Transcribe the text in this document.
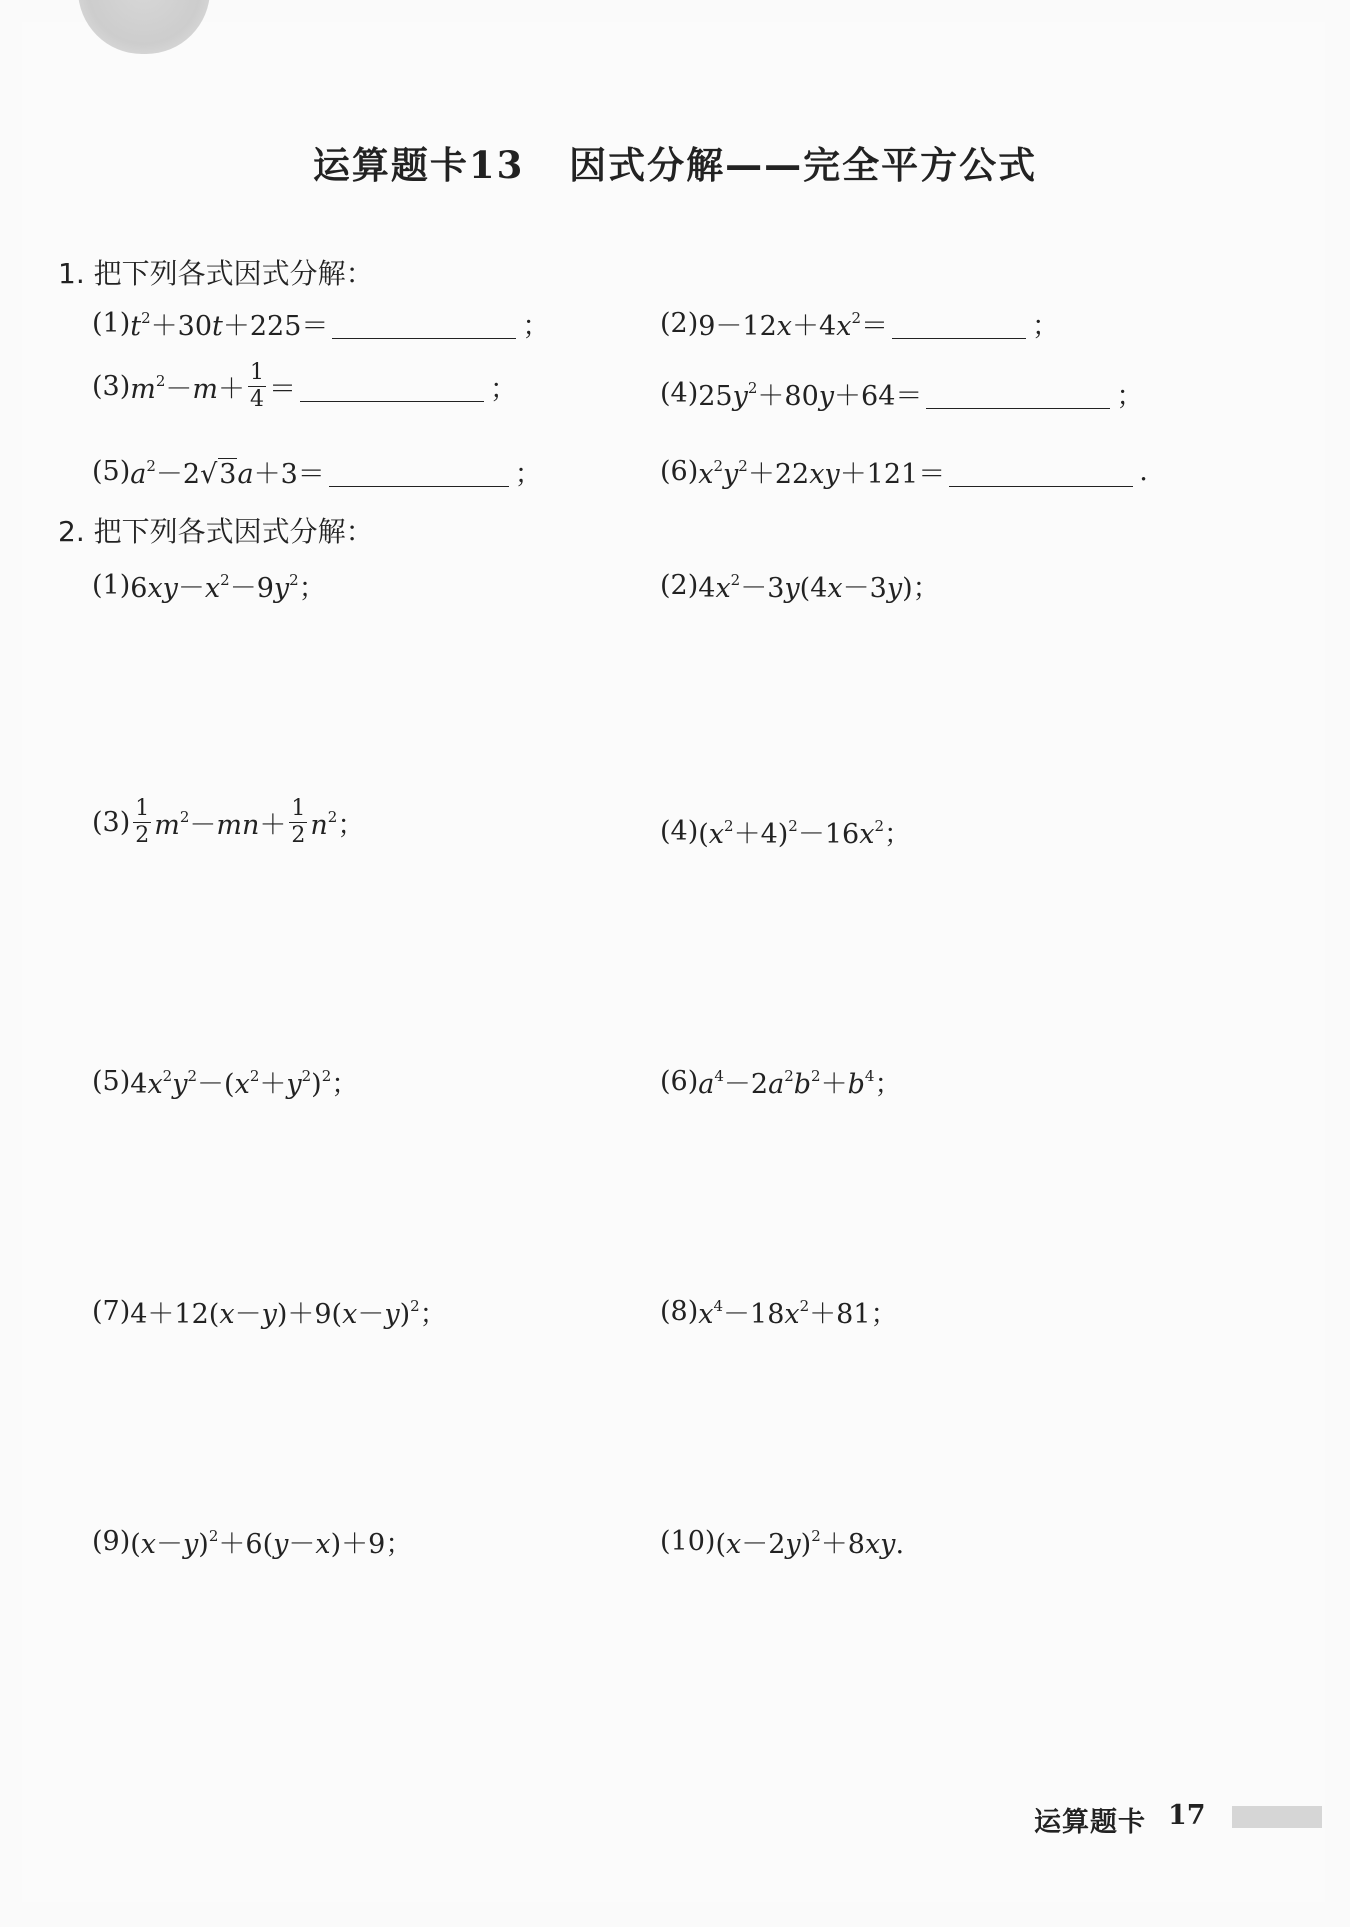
运算题卡13 因式分解——完全平方公式
1. 把下列各式因式分解：
(1) $t^2+30t+225=$	；	(2) $9-12x+4x^2=$	；
(3) $m^2-m+ \frac{1}{4}$ ＝	；	(4) $25y^2+80y+64=$	；
(5) $a^2-2√3a+3=$	；	(6) $x^2y^2+22xy+121=$	.
2. 把下列各式因式分解：
(1) $6xy-x^2-9y^2$；	(2) $4x^2-3y(4x-3y)$；
$(3) \frac{1}{2} m^2-mn+ \frac{1}{2} n^2$；	(4) $(x^2+4)^2-16x^2$；
(5) $4x^2y^2-(x^2+y^2)^2$；	(6) $a^4-2a^2b^2+b^4$；
(7) $4+12(x-y)+9(x-y)^2$；	(8) $x^4-18x^2+81$；
(9) $(x-y)^2+6(y-x)+9$；	(10) $(x-2y)^2+8xy$.
运算题卡 17
